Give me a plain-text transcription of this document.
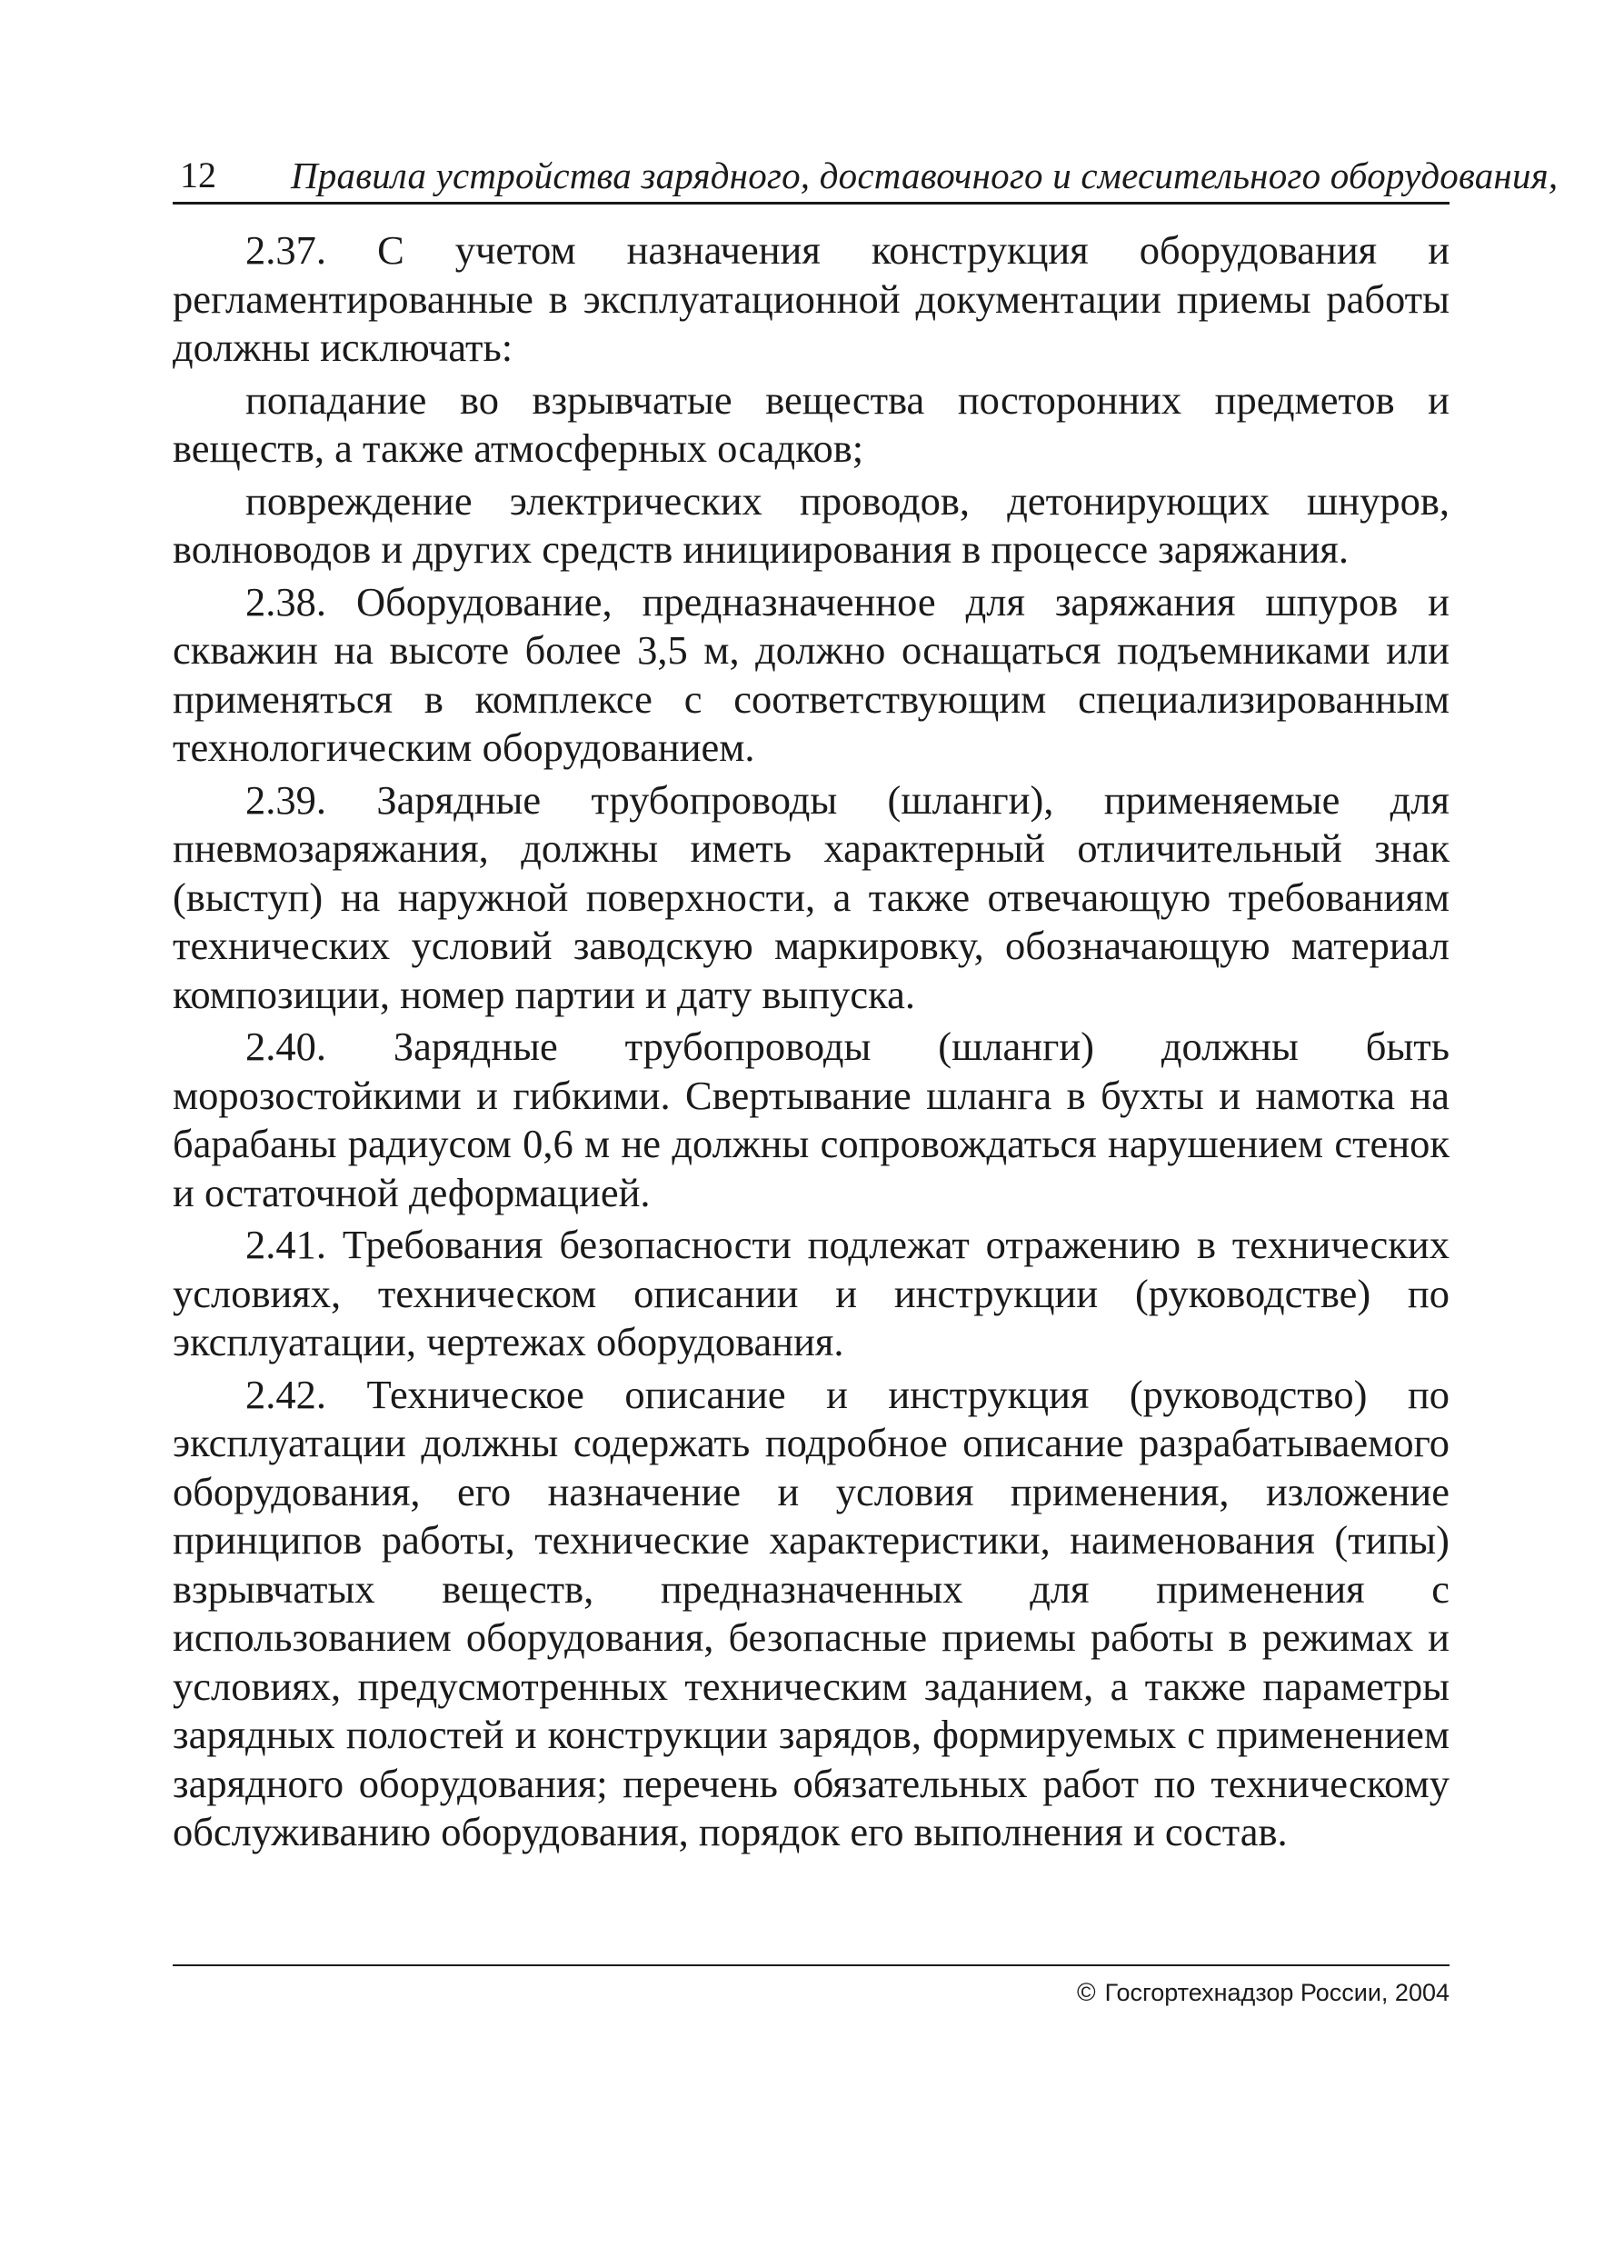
12 Правила устройства зарядного, доставочного и смесительного оборудования,

2.37. С учетом назначения конструкция оборудования и регламентированные в эксплуатационной документации приемы работы должны исключать:

попадание во взрывчатые вещества посторонних предметов и веществ, а также атмосферных осадков;

повреждение электрических проводов, детонирующих шнуров, волноводов и других средств инициирования в процессе заряжания.

2.38. Оборудование, предназначенное для заряжания шпуров и скважин на высоте более 3,5 м, должно оснащаться подъемниками или применяться в комплексе с соответствующим специализированным технологическим оборудованием.

2.39. Зарядные трубопроводы (шланги), применяемые для пневмозаряжания, должны иметь характерный отличительный знак (выступ) на наружной поверхности, а также отвечающую требованиям технических условий заводскую маркировку, обозначающую материал композиции, номер партии и дату выпуска.

2.40. Зарядные трубопроводы (шланги) должны быть морозостойкими и гибкими. Свертывание шланга в бухты и намотка на барабаны радиусом 0,6 м не должны сопровождаться нарушением стенок и остаточной деформацией.

2.41. Требования безопасности подлежат отражению в технических условиях, техническом описании и инструкции (руководстве) по эксплуатации, чертежах оборудования.

2.42. Техническое описание и инструкция (руководство) по эксплуатации должны содержать подробное описание разрабатываемого оборудования, его назначение и условия применения, изложение принципов работы, технические характеристики, наименования (типы) взрывчатых веществ, предназначенных для применения с использованием оборудования, безопасные приемы работы в режимах и условиях, предусмотренных техническим заданием, а также параметры зарядных полостей и конструкции зарядов, формируемых с применением зарядного оборудования; перечень обязательных работ по техническому обслуживанию оборудования, порядок его выполнения и состав.

© Госгортехнадзор России, 2004
